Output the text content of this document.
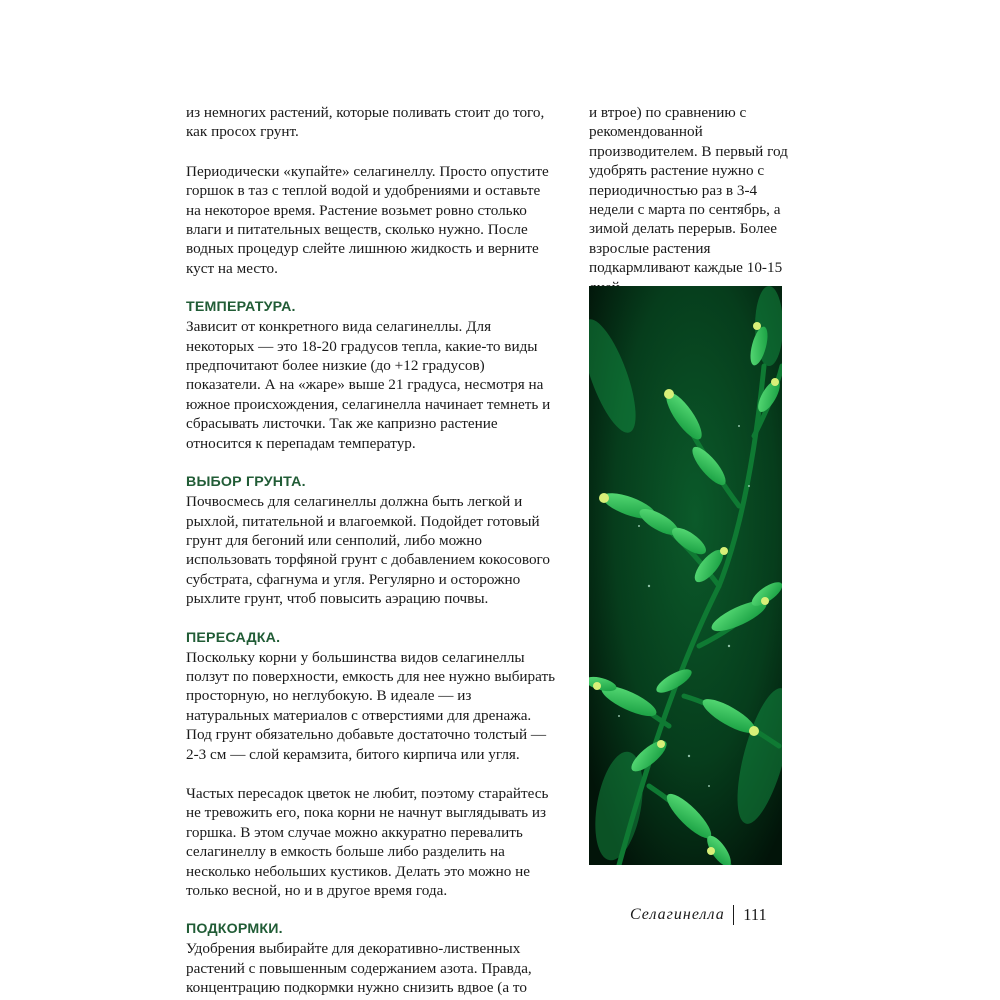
из немногих растений, которые поливать стоит до того, как просох грунт.

Периодически «купайте» селагинеллу. Просто опустите горшок в таз с теплой водой и удобрениями и оставьте на некоторое время. Растение возьмет ровно столько влаги и питательных веществ, сколько нужно. После водных процедур слейте лишнюю жидкость и верните куст на место.

ТЕМПЕРАТУРА.

Зависит от конкретного вида селагинеллы. Для некоторых — это 18-20 градусов тепла, какие-то виды предпочитают более низкие (до +12 градусов) показатели. А на «жаре» выше 21 градуса, несмотря на южное происхождения, селагинелла начинает темнеть и сбрасывать листочки. Так же капризно растение относится к перепадам температур.

ВЫБОР ГРУНТА.

Почвосмесь для селагинеллы должна быть легкой и рыхлой, питательной и влагоемкой. Подойдет готовый грунт для бегоний или сенполий, либо можно использовать торфяной грунт с добавлением кокосового субстрата, сфагнума и угля. Регулярно и осторожно рыхлите грунт, чтоб повысить аэрацию почвы.

ПЕРЕСАДКА.

Поскольку корни у большинства видов селагинеллы ползут по поверхности, емкость для нее нужно выбирать просторную, но неглубокую. В идеале — из натуральных материалов с отверстиями для дренажа. Под грунт обязательно добавьте достаточно толстый — 2-3 см — слой керамзита, битого кирпича или угля.

Частых пересадок цветок не любит, поэтому старайтесь не тревожить его, пока корни не начнут выглядывать из горшка. В этом случае можно аккуратно перевалить селагинеллу в емкость больше либо разделить на несколько небольших кустиков. Делать это можно не только весной, но и в другое время года.

ПОДКОРМКИ.

Удобрения выбирайте для декоративно-лиственных растений с повышенным содержанием азота. Правда, концентрацию подкормки нужно снизить вдвое (а то

и втрое) по сравнению с рекомендованной производителем. В первый год удобрять растение нужно с периодичностью раз в 3-4 недели с марта по сентябрь, а зимой делать перерыв. Более взрослые растения подкармливают каждые 10-15

Селагинелла 111
